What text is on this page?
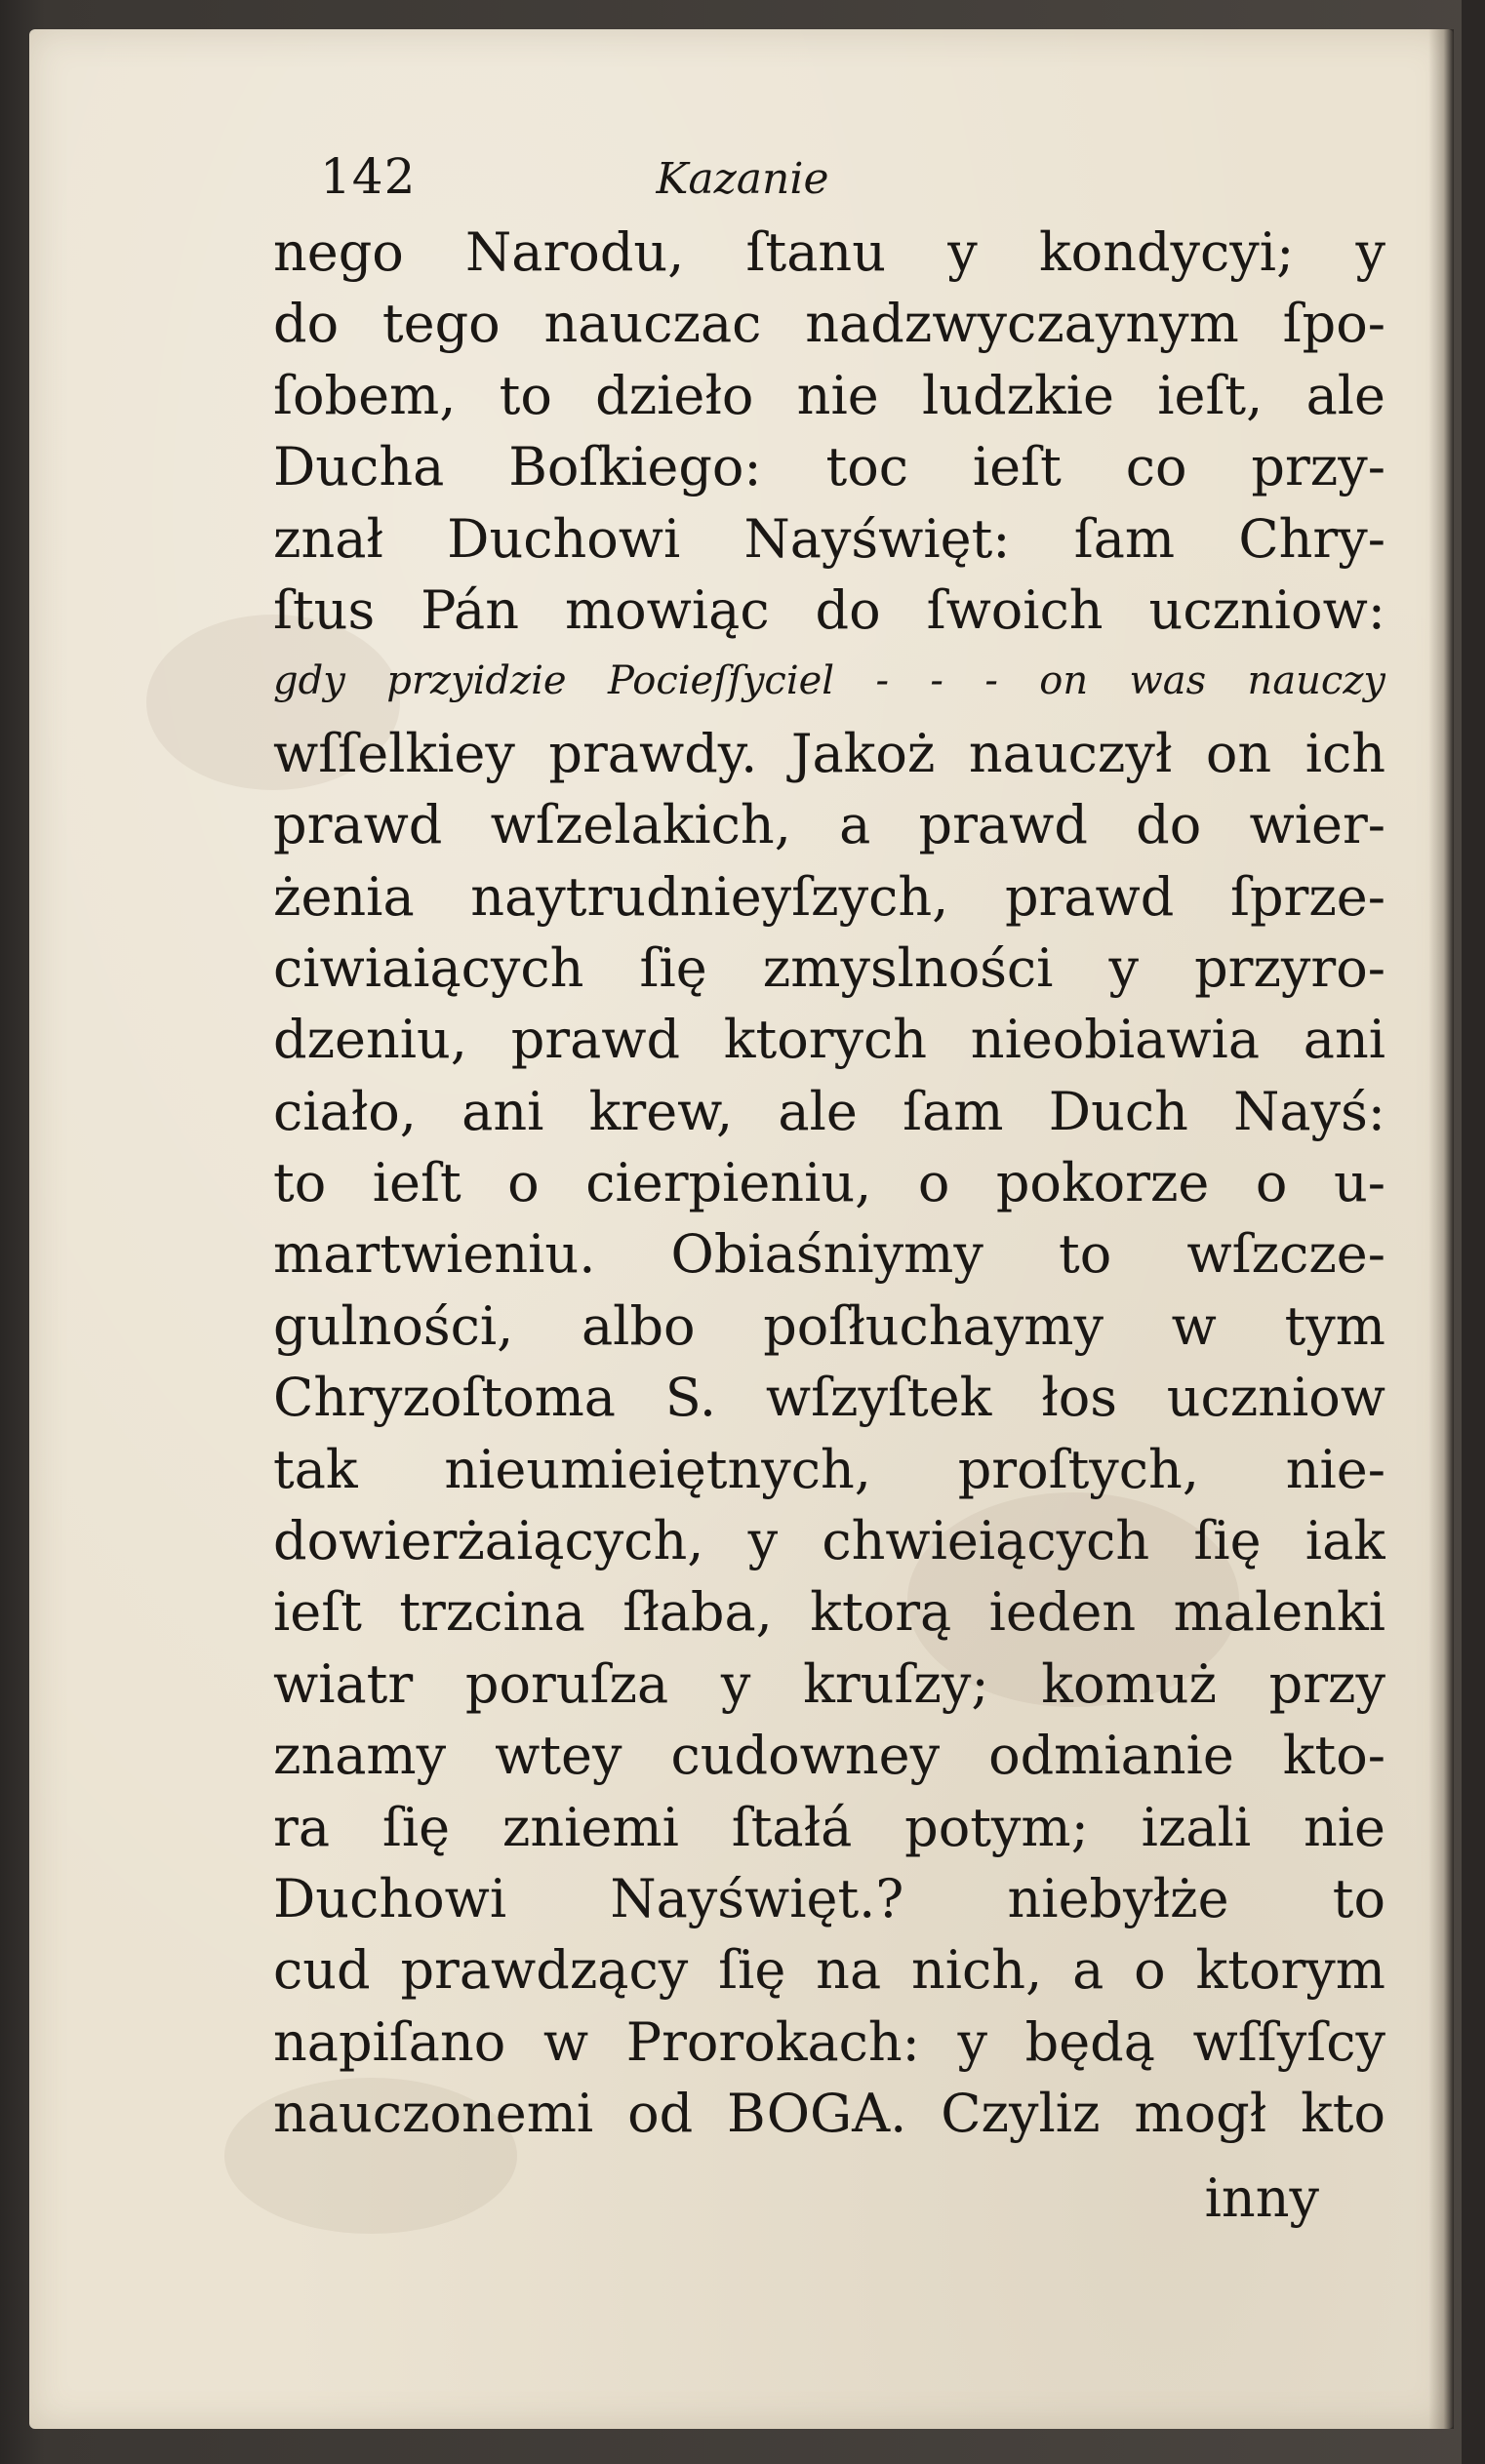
142	Kazanie
nego Narodu, ſtanu y kondycyi; y
do tego nauczac nadzwyczaynym ſpo-
ſobem, to dzieło nie ludzkie ieſt, ale
Ducha Boſkiego: toc ieſt co przy-
znał Duchowi Nayświęt: ſam Chry-
ſtus Pán mowiąc do ſwoich uczniow:
gdy przyidzie Pocieſſyciel - - - on was nauczy
wſſelkiey prawdy. Jakoż nauczył on ich
prawd wſzelakich, a prawd do wier-
żenia naytrudnieyſzych, prawd ſprze-
ciwiaiących ſię zmyslności y przyro-
dzeniu, prawd ktorych nieobiawia ani
ciało, ani krew, ale ſam Duch Nayś:
to ieſt o cierpieniu, o pokorze o u-
martwieniu. Obiaśniymy to wſzcze-
gulności, albo poſłuchaymy w tym
Chryzoſtoma S. wſzyſtek łos uczniow
tak nieumieiętnych, proſtych, nie-
dowierżaiących, y chwieiących ſię iak
ieſt trzcina ſłaba, ktorą ieden malenki
wiatr poruſza y kruſzy; komuż przy
znamy wtey cudowney odmianie kto-
ra ſię zniemi ſtałá potym; izali nie
Duchowi Nayświęt.? niebyłże to
cud prawdzący ſię na nich, a o ktorym
napiſano w Prorokach: y będą wſſyſcy
nauczonemi od BOGA. Czyliz mogł kto
inny
